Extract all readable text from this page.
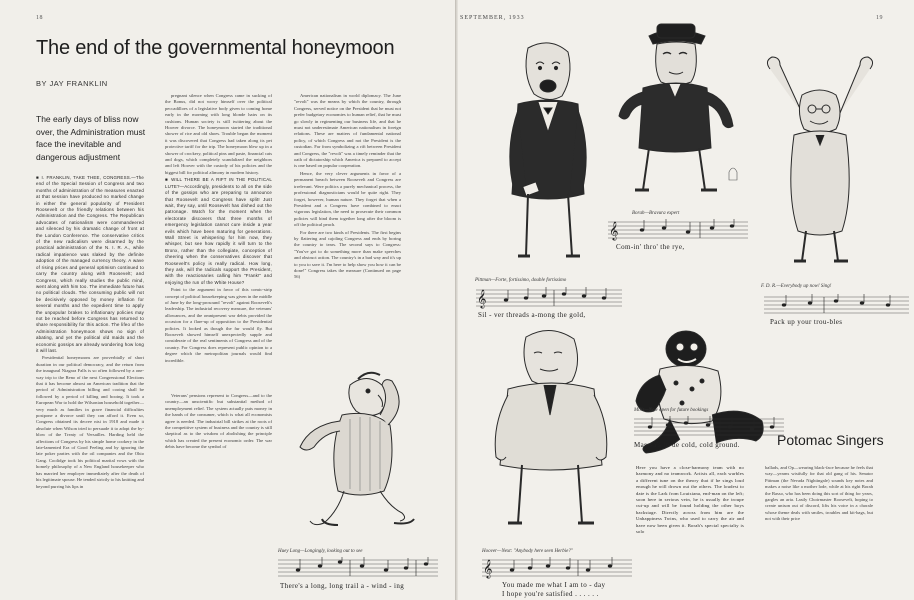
18
The end of the governmental honeymoon
BY JAY FRANKLIN
The early days of bliss now over, the Administration must face the inevitable and dangerous adjustment

■ I. FRANKLIN, TAKE THEE, CONGRESS.—The end of the Special Session of Congress and two months of administration of the measures enacted at that session have produced no marked change in either the general popularity of President Roosevelt or the friendly relations between his Administration and the Congress. The Republican advocates of nationalism were commandeered and silenced by his dramatic change of front at the London Conference. The conservative critics of the new radicalism were disarmed by the practical administration of the N. I. R. A., while radical impatience was slaked by the definite adoption of the managed currency theory. A wave of rising prices and general optimism continued to carry the country along with Roosevelt; and Congress, which really studies the public mind, went along with him too. The immediate future has no political clouds. The consuming public will not be decisively opposed by money inflation for several months and the expedient time to apply the unpopular brakes to inflationary policies may not be reached before Congress has returned to share responsibility for this action. The lifeo of the Administration honeymoon shows no sign of abating, and yet the political old maids and the economic gossips are already wondering how long it will last.

Presidential honeymoons are proverbially of short duration in our political democracy, and the return from the inaugural Niagara Falls is so often followed by a one-way trip to the Reno of the next Congressional Elections that it has become almost an American tradition that the period of Administration billing and cooing shall be followed by a period of killing and booing. It took a European War to hold the Wilsonian household together—very much as families in grave financial difficulties postpone a divorce until they can afford it. Even so, Congress obtained its decree nisi in 1918 and made it absolute when Wilson tried to persuade it to adopt the by-blow of the Treaty of Versailles. Harding held the affections of Congress by his simple home cookery in the late-lamented Era of Good Feeling and by ignoring the late poker parties with the oil companies and the Ohio Gang. Coolidge took his political marital vows with the homely philosophy of a New England housekeeper who has married her employer immediately after the death of his legitimate spouse. He tended strictly to his knitting and beyond purring his lips in

pregnant silence when Congress came in sucking of the Bonus, did not worry himself over the political peccadilloes of a legislative body given to coming home early in the morning with long blonde hairs on its cushions. Human society is still twittering about the Hoover divorce. The honeymoon started the traditional shower of rice and old shoes. Trouble began the moment it was discovered that Congress had taken along its pet protective tariff for the trip. The honeymoon blew up in a shower of crockery, political pins and paste, financial cats and dogs, which completely scandalized the neighbors and left Hoover with the custody of his policies and the biggest bill for political alimony in modern history.

■ WILL THERE BE A RIFT IN THE POLITICAL LUTE?—Accordingly, presidents to all on the side of the gossips who are preparing to announce that Roosevelt and Congress have split! Just wait, they say, until Roosevelt has dished out the patronage. Watch for the moment when the electorate discovers that three months of emergency legislation cannot cure inside a year evils which have been maturing for generations. Wall Street is whispering for him now, they whisper, but see how rapidly it will turn to the Bronx, rather than the collegiate, conception of cheering when the conservatives discover that Roosevelt's policy is really radical. How long, they ask, will the radicals support the President, with the reactionaries calling him "Frank!" and enjoying the run of the White House?

Point to the argument in favor of this comic-strip concept of political housekeeping was given in the middle of June by the long-prosound "revolt" against Roosevelt's leadership. The industrial recovery measure, the veterans' allowances, and the omnipresent war debts provided the occasion for a flare-up of opposition to the Presidential policies. It looked as though the fur would fly. But Roosevelt showed himself unexpectedly supple and considerate of the real sentiments of Congress and of the country. For Congress does represent public opinion to a degree which the metropolitan journals would find incredible.

American nationalism in world diplomacy. The June "revolt" was the means by which the country, through Congress, served notice on the President that he must not prefer budgetary economies to human relief, that he must go slowly in regimenting our business life, and that he must not underestimate American nationalism in foreign relations. These are matters of fundamental national policy, of which Congress and not the President is the custodian. Far from symbolizing a rift between President and Congress, the "revolt" was a timely reminder that the oath of dictatorship which America is prepared to accept is one based on popular cooperation.

Hence, the very clever arguments in favor of a permanent breach between Roosevelt and Congress are irrelevant. Were politics a purely mechanical process, the professional diagnosticians would be quite right. They forget, however, human nature. They forget that when a President and a Congress have combined to enact vigorous legislation, the need to prosecute their common policies will bind them together long after the bloom is off the political peach.

For there are two kinds of Presidents. The first begins by flattering and cajoling Congress and ends by boring the country to tears. The second says to Congress: "You've got to do something more than make speeches and obstruct action. The country's in a bad way and it's up to you to save it. I'm here to help show you how it can be done!" Congress takes the measure (Continued on page 56)

Veterans' pensions represent to Congress—and to the country—an unscientific but substantial method of unemployment relief. The system actually puts money in the hands of the consumer, which is what all economists agree is needed. The industrial bill strikes at the roots of the competitive system of business and the country is still skeptical as to the wisdom of abolishing the principle which has created the present economic order. The war debts have become the symbol of

Huey Long—Longingly, looking out to see
There's a long, long trail a - wind - ing
SEPTEMBER, 1933	19
Pittman—Forte, fortissimo, double fortissimo
𝄞
Sil - ver threads a-mong the gold,
Borah—Bravura expert
𝄞
Com-in' thro' the rye,

F. D. R.—Everybody up now! Sing!
Pack up your trou-bles
Hoover—Next: "Anybody here seen Herbie?"
𝄞
You made me what I am to - day
I hope you're satisfied . . . . . .
Mills—Now open for future bookings
Mas-sa's in de cold, cold ground.	Potomac Singers

Here you have a close-harmony team with no harmony and no teamwork. Artists all, each warbles a different tune on the theory that if he sings loud enough he will drown out the others. The loudest to date is the Lark from Louisiana, end-man on the left; soon here in serious vein, he is usually the troupe cut-up and will be found holding the other boys backstage. Directly across from him are the Unhappiness Twins, who used to carry the air and have now been given it. Borah's special specialty is solo

ballads, and Op—wearing black-face because he feels that way—yearns wistfully for that old gang of his. Senator Pittman (the Nevada Nightingale) sounds key notes and makes a noise like a mother lode, while at his right Borah the Basso, who has been doing this sort of thing for years, gargles an aria. Lastly Choirmaster Roosevelt, hoping to create unison out of discord, lifts his voice in a chorale whose theme deals with smiles, troubles and kit-bags, but not with their price
